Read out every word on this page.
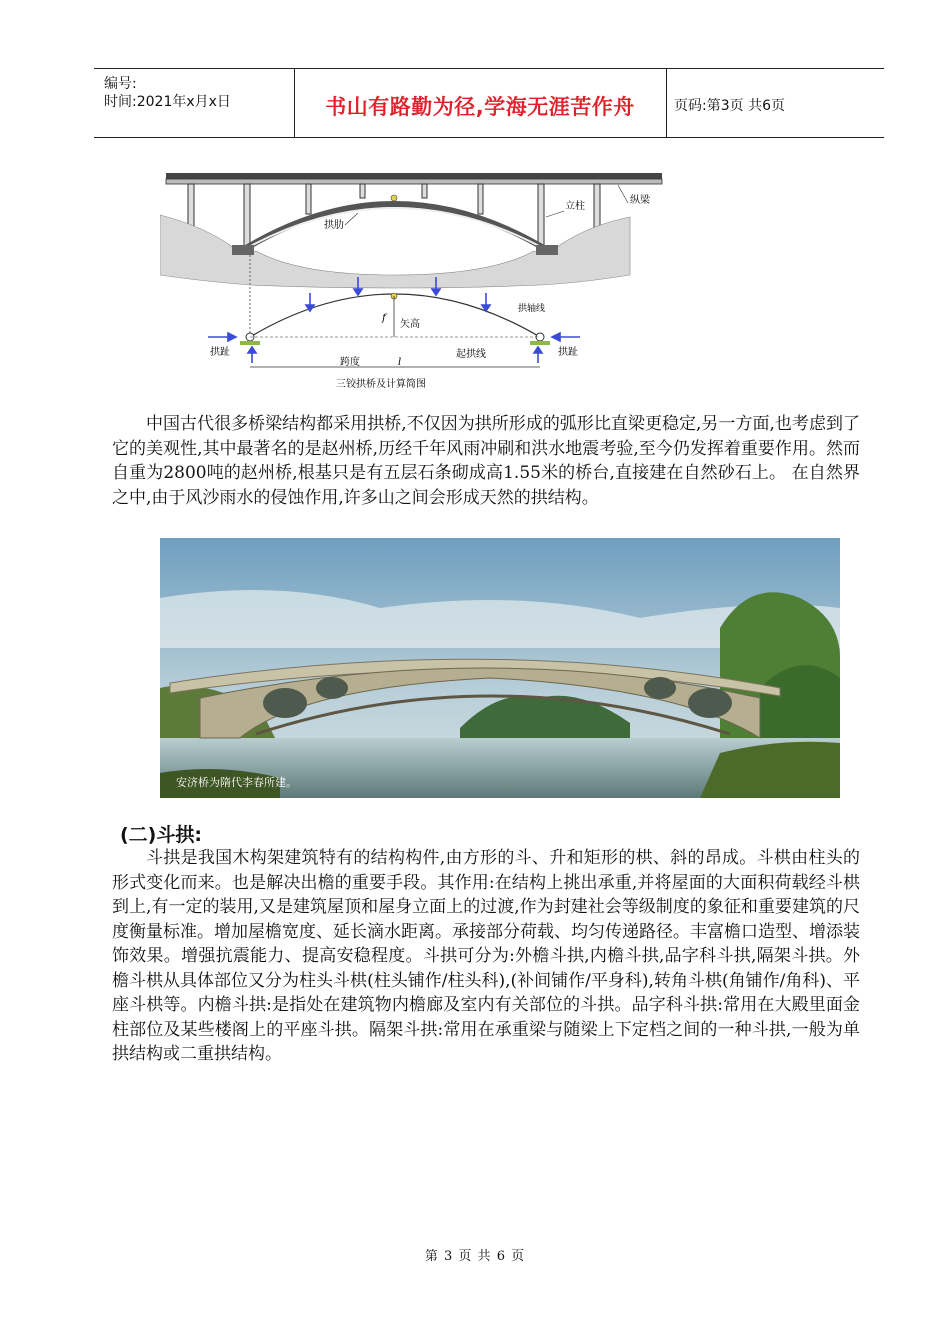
编号:
时间:2021年x月x日	书山有路勤为径,学海无涯苦作舟	页码:第3页 共6页
立柱
纵梁
拱肋
f
矢高
拱轴线
拱趾	拱趾
起拱线
跨度	l
三铰拱桥及计算简图
中国古代很多桥梁结构都采用拱桥,不仅因为拱所形成的弧形比直梁更稳定,另一方面,也考虑到了它的美观性,其中最著名的是赵州桥,历经千年风雨冲刷和洪水地震考验,至今仍发挥着重要作用。然而自重为2800吨的赵州桥,根基只是有五层石条砌成高1.55米的桥台,直接建在自然砂石上。 在自然界之中,由于风沙雨水的侵蚀作用,许多山之间会形成天然的拱结构。
安济桥为隋代李春所建。
(二)斗拱:
斗拱是我国木构架建筑特有的结构构件,由方形的斗、升和矩形的栱、斜的昂成。斗栱由柱头的形式变化而来。也是解决出檐的重要手段。其作用:在结构上挑出承重,并将屋面的大面积荷载经斗栱到上,有一定的装用,又是建筑屋顶和屋身立面上的过渡,作为封建社会等级制度的象征和重要建筑的尺度衡量标准。增加屋檐宽度、延长滴水距离。承接部分荷载、均匀传递路径。丰富檐口造型、增添装饰效果。增强抗震能力、提高安稳程度。斗拱可分为:外檐斗拱,内檐斗拱,品字科斗拱,隔架斗拱。外檐斗栱从具体部位又分为柱头斗栱(柱头铺作/柱头科),(补间铺作/平身科),转角斗栱(角铺作/角科)、平座斗栱等。内檐斗拱:是指处在建筑物内檐廊及室内有关部位的斗拱。品字科斗拱:常用在大殿里面金柱部位及某些楼阁上的平座斗拱。隔架斗拱:常用在承重梁与随梁上下定档之间的一种斗拱,一般为单拱结构或二重拱结构。
第 3 页 共 6 页
